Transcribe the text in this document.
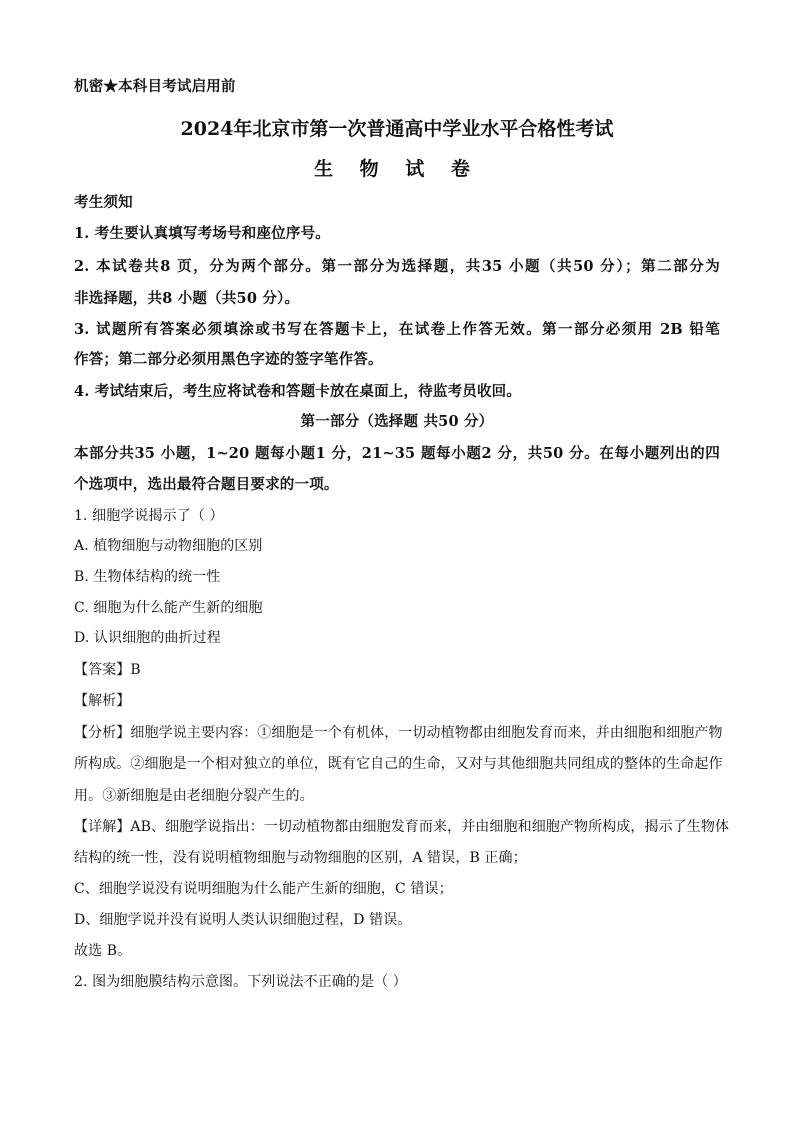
机密★本科目考试启用前
2024年北京市第一次普通高中学业水平合格性考试
生 物 试 卷
考生须知
1. 考生要认真填写考场号和座位序号。
2. 本试卷共8 页，分为两个部分。第一部分为选择题，共35 小题（共50 分）；第二部分为
非选择题，共8 小题（共50 分）。
3. 试题所有答案必须填涂或书写在答题卡上，在试卷上作答无效。第一部分必须用 2B 铅笔
作答；第二部分必须用黑色字迹的签字笔作答。
4. 考试结束后，考生应将试卷和答题卡放在桌面上，待监考员收回。
第一部分（选择题 共50 分）
本部分共35 小题，1~20 题每小题1 分，21~35 题每小题2 分，共50 分。在每小题列出的四
个选项中，选出最符合题目要求的一项。
1. 细胞学说揭示了（ ）
A. 植物细胞与动物细胞的区别
B. 生物体结构的统一性
C. 细胞为什么能产生新的细胞
D. 认识细胞的曲折过程
【答案】B
【解析】
【分析】细胞学说主要内容：①细胞是一个有机体，一切动植物都由细胞发育而来，并由细胞和细胞产物
所构成。②细胞是一个相对独立的单位，既有它自己的生命，又对与其他细胞共同组成的整体的生命起作
用。③新细胞是由老细胞分裂产生的。
【详解】AB、细胞学说指出：一切动植物都由细胞发育而来，并由细胞和细胞产物所构成，揭示了生物体
结构的统一性，没有说明植物细胞与动物细胞的区别，A 错误，B 正确；
C、细胞学说没有说明细胞为什么能产生新的细胞，C 错误；
D、细胞学说并没有说明人类认识细胞过程，D 错误。
故选 B。
2. 图为细胞膜结构示意图。下列说法不正确的是（ ）
